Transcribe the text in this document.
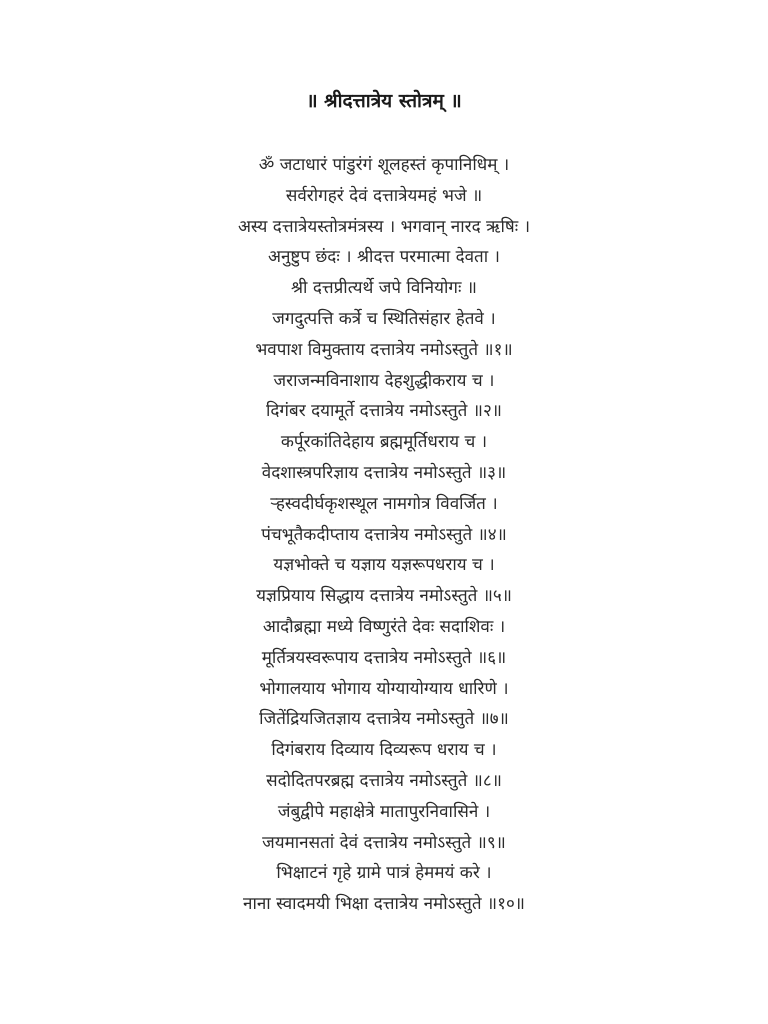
॥ श्रीदत्तात्रेय स्तोत्रम् ॥
ॐ जटाधारं पांडुरंगं शूलहस्तं कृपानिधिम् ।
सर्वरोगहरं देवं दत्तात्रेयमहं भजे ॥
अस्य दत्तात्रेयस्तोत्रमंत्रस्य । भगवान् नारद ऋषिः ।
अनुष्टुप छंदः । श्रीदत्त परमात्मा देवता ।
श्री दत्तप्रीत्यर्थे जपे विनियोगः ॥
जगदुत्पत्ति कर्त्रे च स्थितिसंहार हेतवे ।
भवपाश विमुक्ताय दत्तात्रेय नमोऽस्तुते ॥१॥
जराजन्मविनाशाय देहशुद्धीकराय च ।
दिगंबर दयामूर्ते दत्तात्रेय नमोऽस्तुते ॥२॥
कर्पूरकांतिदेहाय ब्रह्ममूर्तिधराय च ।
वेदशास्त्रपरिज्ञाय दत्तात्रेय नमोऽस्तुते ॥३॥
ऱ्हस्वदीर्घकृशस्थूल नामगोत्र विवर्जित ।
पंचभूतैकदीप्ताय दत्तात्रेय नमोऽस्तुते ॥४॥
यज्ञभोक्ते च यज्ञाय यज्ञरूपधराय च ।
यज्ञप्रियाय सिद्धाय दत्तात्रेय नमोऽस्तुते ॥५॥
आदौब्रह्मा मध्ये विष्णुरंते देवः सदाशिवः ।
मूर्तित्रयस्वरूपाय दत्तात्रेय नमोऽस्तुते ॥६॥
भोगालयाय भोगाय योग्यायोग्याय धारिणे ।
जितेंद्रियजितज्ञाय दत्तात्रेय नमोऽस्तुते ॥७॥
दिगंबराय दिव्याय दिव्यरूप धराय च ।
सदोदितपरब्रह्म दत्तात्रेय नमोऽस्तुते ॥८॥
जंबुद्वीपे महाक्षेत्रे मातापुरनिवासिने ।
जयमानसतां देवं दत्तात्रेय नमोऽस्तुते ॥९॥
भिक्षाटनं गृहे ग्रामे पात्रं हेममयं करे ।
नाना स्वादमयी भिक्षा दत्तात्रेय नमोऽस्तुते ॥१०॥
